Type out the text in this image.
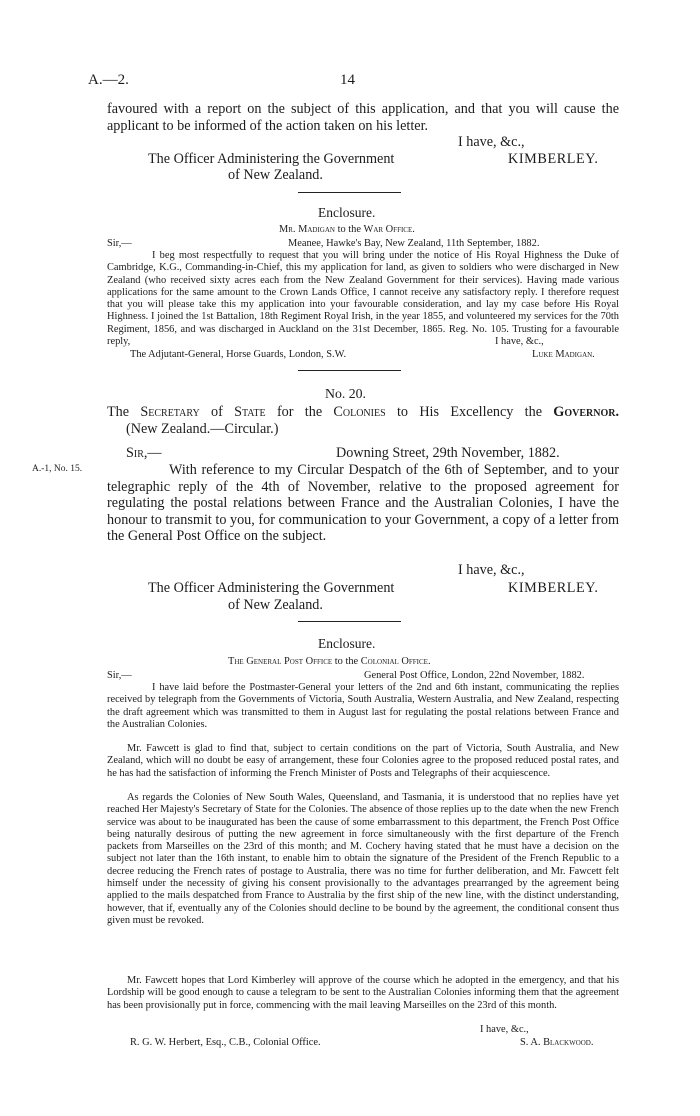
A.—2.	14
favoured with a report on the subject of this application, and that you will cause the applicant to be informed of the action taken on his letter.
I have, &c.,
The Officer Administering the Government	KIMBERLEY.
of New Zealand.
Enclosure.
Mr. Madigan to the War Office.
Sir,—	Meanee, Hawke's Bay, New Zealand, 11th September, 1882.
I beg most respectfully to request that you will bring under the notice of His Royal Highness the Duke of Cambridge, K.G., Commanding-in-Chief, this my application for land, as given to soldiers who were discharged in New Zealand (who received sixty acres each from the New Zealand Government for their services). Having made various applications for the same amount to the Crown Lands Office, I cannot receive any satisfactory reply. I therefore request that you will please take this my application into your favourable consideration, and lay my case before His Royal Highness. I joined the 1st Battalion, 18th Regiment Royal Irish, in the year 1855, and volunteered my services for the 70th Regiment, 1856, and was discharged in Auckland on the 31st December, 1865. Reg. No. 105. Trusting for a favourable reply,	I have, &c.,
The Adjutant-General, Horse Guards, London, S.W.	Luke Madigan.
No. 20.
The Secretary of State for the Colonies to His Excellency the Governor.
(New Zealand.—Circular.)
Sir,—	Downing Street, 29th November, 1882.
A.-1, No. 15.	With reference to my Circular Despatch of the 6th of September, and to your telegraphic reply of the 4th of November, relative to the proposed agreement for regulating the postal relations between France and the Australian Colonies, I have the honour to transmit to you, for communication to your Government, a copy of a letter from the General Post Office on the subject.
I have, &c.,
The Officer Administering the Government	KIMBERLEY.
of New Zealand.
Enclosure.
The General Post Office to the Colonial Office.
Sir,—	General Post Office, London, 22nd November, 1882.
I have laid before the Postmaster-General your letters of the 2nd and 6th instant, communicating the replies received by telegraph from the Governments of Victoria, South Australia, Western Australia, and New Zealand, respecting the draft agreement which was transmitted to them in August last for regulating the postal relations between France and the Australian Colonies.
Mr. Fawcett is glad to find that, subject to certain conditions on the part of Victoria, South Australia, and New Zealand, which will no doubt be easy of arrangement, these four Colonies agree to the proposed reduced postal rates, and he has had the satisfaction of informing the French Minister of Posts and Telegraphs of their acquiescence.
As regards the Colonies of New South Wales, Queensland, and Tasmania, it is understood that no replies have yet reached Her Majesty's Secretary of State for the Colonies. The absence of those replies up to the date when the new French service was about to be inaugurated has been the cause of some embarrassment to this department, the French Post Office being naturally desirous of putting the new agreement in force simultaneously with the first departure of the French packets from Marseilles on the 23rd of this month; and M. Cochery having stated that he must have a decision on the subject not later than the 16th instant, to enable him to obtain the signature of the President of the French Republic to a decree reducing the French rates of postage to Australia, there was no time for further deliberation, and Mr. Fawcett felt himself under the necessity of giving his consent provisionally to the advantages prearranged by the agreement being applied to the mails despatched from France to Australia by the first ship of the new line, with the distinct understanding, however, that if, eventually any of the Colonies should decline to be bound by the agreement, the conditional consent thus given must be revoked.
Mr. Fawcett hopes that Lord Kimberley will approve of the course which he adopted in the emergency, and that his Lordship will be good enough to cause a telegram to be sent to the Australian Colonies informing them that the agreement has been provisionally put in force, commencing with the mail leaving Marseilles on the 23rd of this month.
I have, &c.,
R. G. W. Herbert, Esq., C.B., Colonial Office.	S. A. Blackwood.
